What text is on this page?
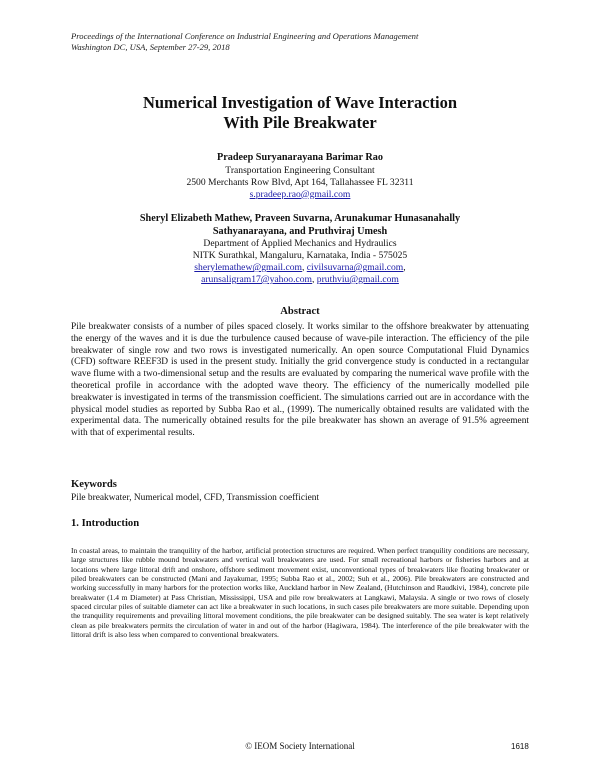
Proceedings of the International Conference on Industrial Engineering and Operations Management
Washington DC, USA, September 27-29, 2018
Numerical Investigation of Wave Interaction
With Pile Breakwater
Pradeep Suryanarayana Barimar Rao
Transportation Engineering Consultant
2500 Merchants Row Blvd, Apt 164, Tallahassee FL 32311
s.pradeep.rao@gmail.com
Sheryl Elizabeth Mathew, Praveen Suvarna, Arunakumar Hunasanahally
Sathyanarayana, and Pruthviraj Umesh
Department of Applied Mechanics and Hydraulics
NITK Surathkal, Mangaluru, Karnataka, India - 575025
sherylemathew@gmail.com, civilsuvarna@gmail.com,
arunsaligram17@yahoo.com, pruthviu@gmail.com
Abstract
Pile breakwater consists of a number of piles spaced closely. It works similar to the offshore breakwater by attenuating the energy of the waves and it is due the turbulence caused because of wave-pile interaction. The efficiency of the pile breakwater of single row and two rows is investigated numerically. An open source Computational Fluid Dynamics (CFD) software REEF3D is used in the present study. Initially the grid convergence study is conducted in a rectangular wave flume with a two-dimensional setup and the results are evaluated by comparing the numerical wave profile with the theoretical profile in accordance with the adopted wave theory. The efficiency of the numerically modelled pile breakwater is investigated in terms of the transmission coefficient. The simulations carried out are in accordance with the physical model studies as reported by Subba Rao et al., (1999). The numerically obtained results are validated with the experimental data. The numerically obtained results for the pile breakwater has shown an average of 91.5% agreement with that of experimental results.
Keywords
Pile breakwater, Numerical model, CFD, Transmission coefficient
1. Introduction
In coastal areas, to maintain the tranquility of the harbor, artificial protection structures are required. When perfect tranquility conditions are necessary, large structures like rubble mound breakwaters and vertical wall breakwaters are used. For small recreational harbors or fisheries harbors and at locations where large littoral drift and onshore, offshore sediment movement exist, unconventional types of breakwaters like floating breakwater or piled breakwaters can be constructed (Mani and Jayakumar, 1995; Subba Rao et al., 2002; Suh et al., 2006). Pile breakwaters are constructed and working successfully in many harbors for the protection works like, Auckland harbor in New Zealand, (Hutchinson and Raudkivi, 1984), concrete pile breakwater (1.4 m Diameter) at Pass Christian, Mississippi, USA and pile row breakwaters at Langkawi, Malaysia. A single or two rows of closely spaced circular piles of suitable diameter can act like a breakwater in such locations, in such cases pile breakwaters are more suitable. Depending upon the tranquility requirements and prevailing littoral movement conditions, the pile breakwater can be designed suitably. The sea water is kept relatively clean as pile breakwaters permits the circulation of water in and out of the harbor (Hagiwara, 1984). The interference of the pile breakwater with the littoral drift is also less when compared to conventional breakwaters.
© IEOM Society International	1618
